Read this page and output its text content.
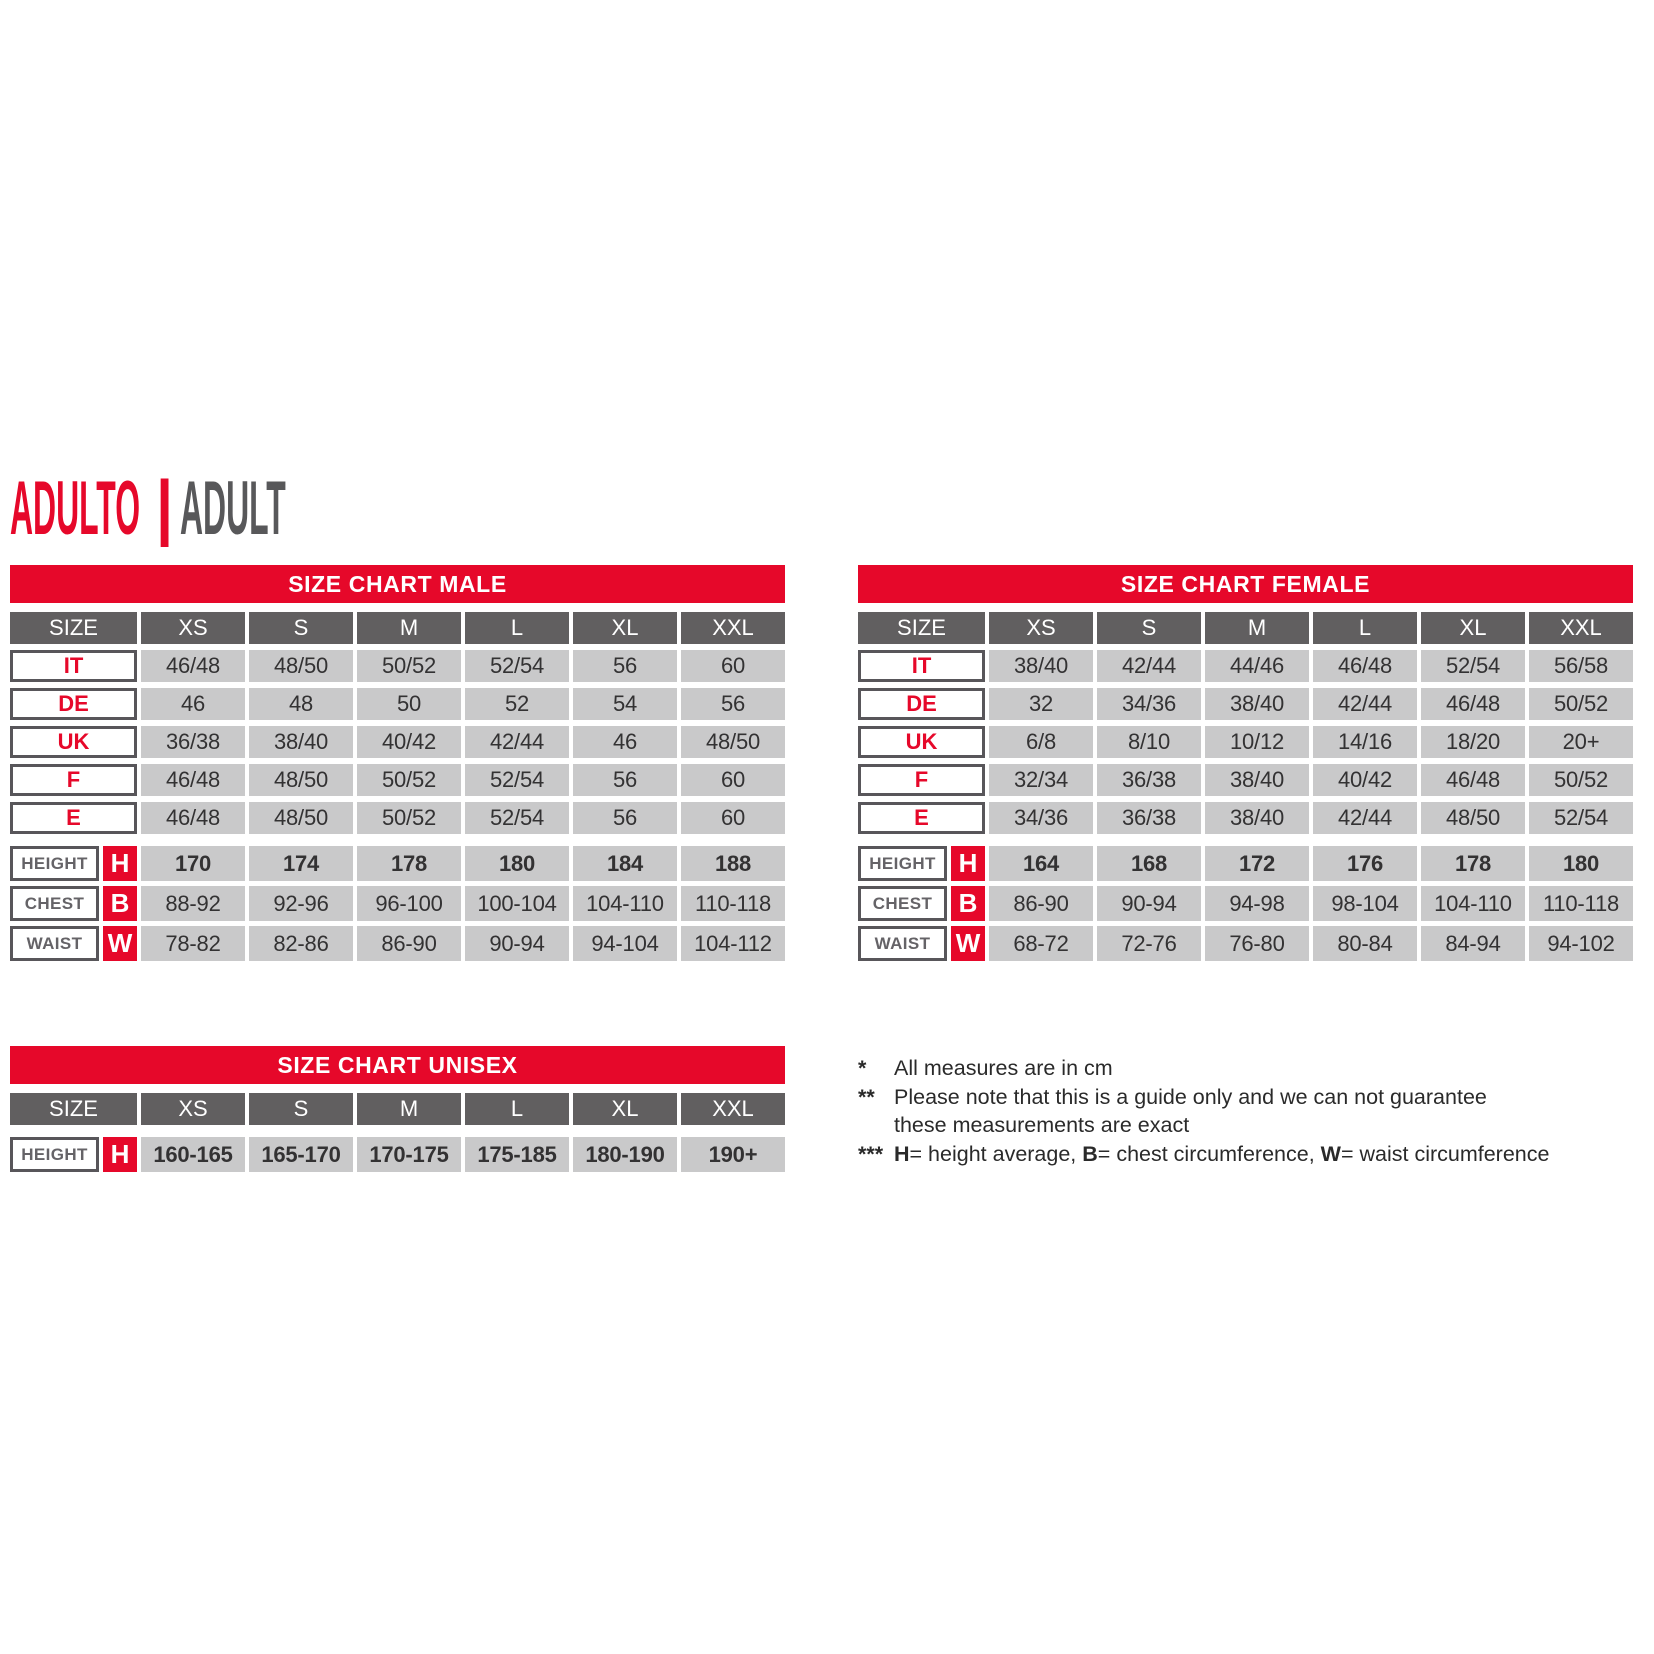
ADULTO | ADULT
SIZE CHART MALE
SIZE	XS	S	M	L	XL	XXL
IT	46/48	48/50	50/52	52/54	56	60
DE	46	48	50	52	54	56
UK	36/38	38/40	40/42	42/44	46	48/50
F	46/48	48/50	50/52	52/54	56	60
E	46/48	48/50	50/52	52/54	56	60
HEIGHT H	170	174	178	180	184	188
CHEST B	88-92	92-96	96-100	100-104	104-110	110-118
WAIST W	78-82	82-86	86-90	90-94	94-104	104-112
SIZE CHART FEMALE
SIZE	XS	S	M	L	XL	XXL
IT	38/40	42/44	44/46	46/48	52/54	56/58
DE	32	34/36	38/40	42/44	46/48	50/52
UK	6/8	8/10	10/12	14/16	18/20	20+
F	32/34	36/38	38/40	40/42	46/48	50/52
E	34/36	36/38	38/40	42/44	48/50	52/54
HEIGHT H	164	168	172	176	178	180
CHEST B	86-90	90-94	94-98	98-104	104-110	110-118
WAIST W	68-72	72-76	76-80	80-84	84-94	94-102
SIZE CHART UNISEX
SIZE	XS	S	M	L	XL	XXL
HEIGHT H	160-165	165-170	170-175	175-185	180-190	190+
*	All measures are in cm
** Please note that this is a guide only and we can not guarantee these measurements are exact
*** H= height average, B= chest circumference, W= waist circumference
